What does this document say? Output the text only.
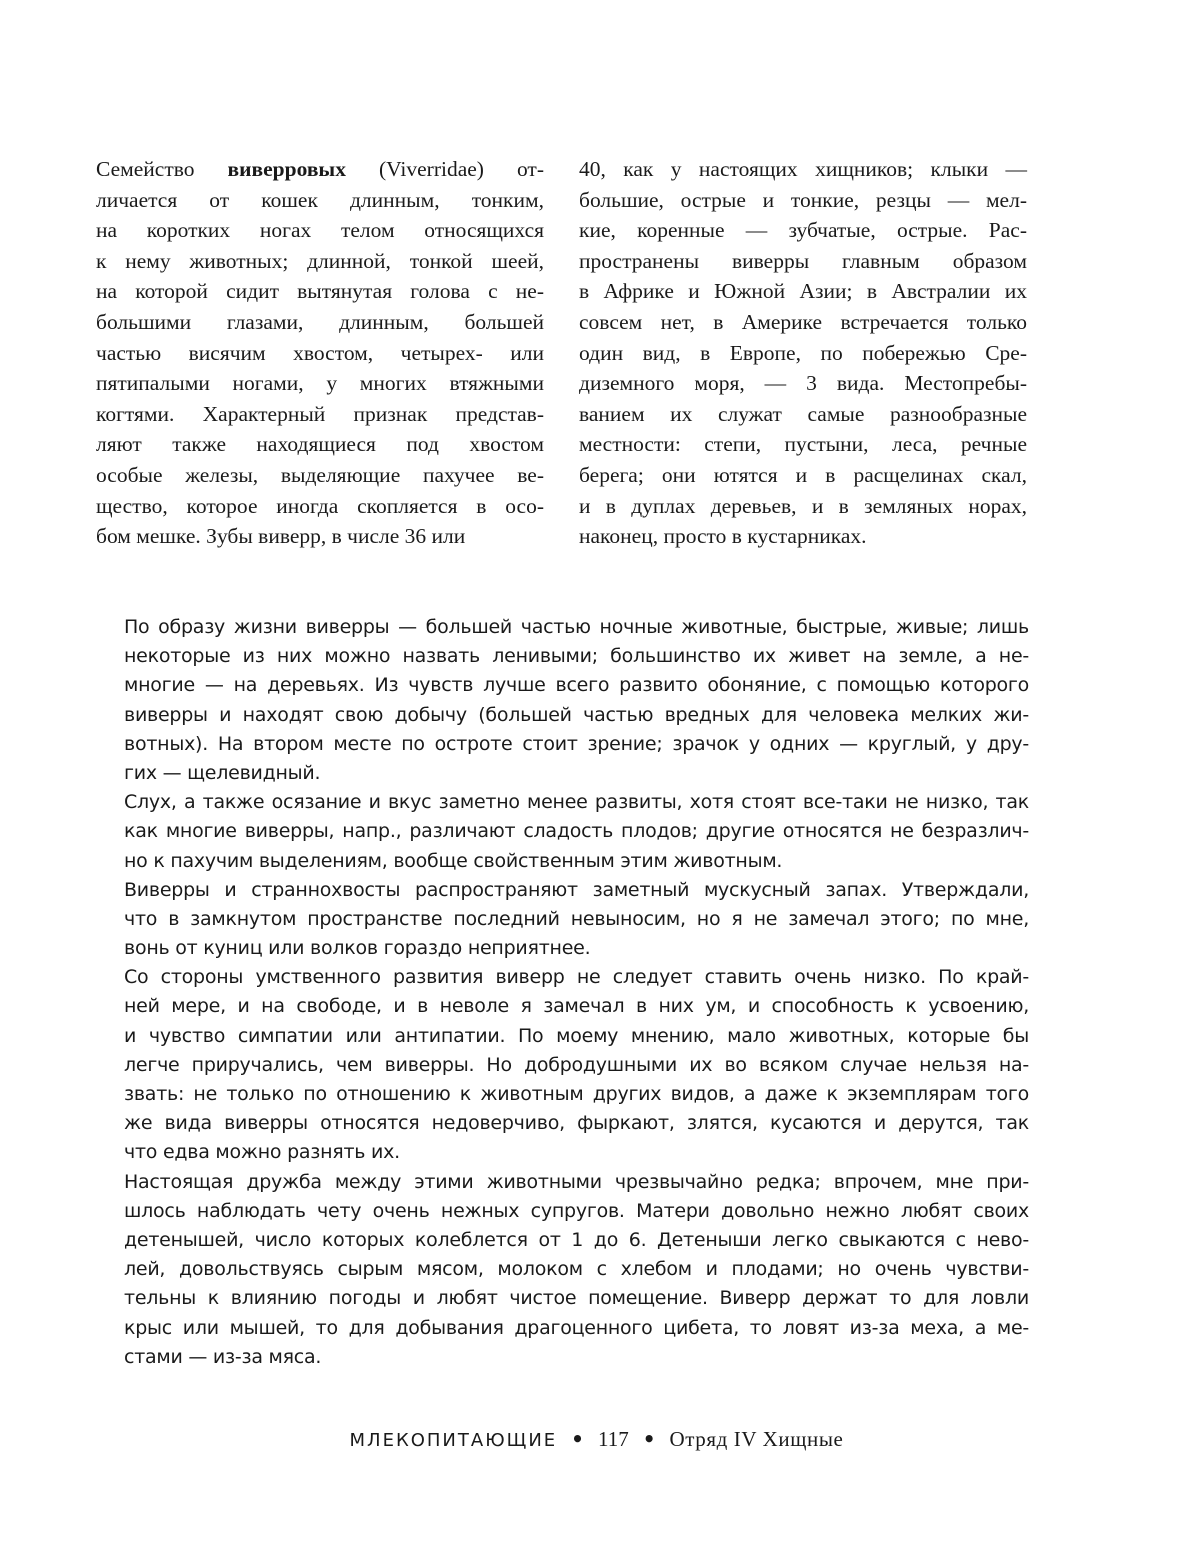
Семейство виверровых (Viverridae) от-
личается от кошек длинным, тонким,
на коротких ногах телом относящихся
к нему животных; длинной, тонкой шеей,
на которой сидит вытянутая голова с не-
большими глазами, длинным, большей
частью висячим хвостом, четырех- или
пятипалыми ногами, у многих втяжными
когтями. Характерный признак представ-
ляют также находящиеся под хвостом
особые железы, выделяющие пахучее ве-
щество, которое иногда скопляется в осо-
бом мешке. Зубы виверр, в числе 36 или
40, как у настоящих хищников; клыки —
большие, острые и тонкие, резцы — мел-
кие, коренные — зубчатые, острые. Рас-
пространены виверры главным образом
в Африке и Южной Азии; в Австралии их
совсем нет, в Америке встречается только
один вид, в Европе, по побережью Сре-
диземного моря, — 3 вида. Местопребы-
ванием их служат самые разнообразные
местности: степи, пустыни, леса, речные
берега; они ютятся и в расщелинах скал,
и в дуплах деревьев, и в земляных норах,
наконец, просто в кустарниках.
По образу жизни виверры — большей частью ночные животные, быстрые, живые; лишь
некоторые из них можно назвать ленивыми; большинство их живет на земле, а не-
многие — на деревьях. Из чувств лучше всего развито обоняние, с помощью которого
виверры и находят свою добычу (большей частью вредных для человека мелких жи-
вотных). На втором месте по остроте стоит зрение; зрачок у одних — круглый, у дру-
гих — щелевидный.
Слух, а также осязание и вкус заметно менее развиты, хотя стоят все-таки не низко, так
как многие виверры, напр., различают сладость плодов; другие относятся не безразлич-
но к пахучим выделениям, вообще свойственным этим животным.
Виверры и страннохвосты распространяют заметный мускусный запах. Утверждали,
что в замкнутом пространстве последний невыносим, но я не замечал этого; по мне,
вонь от куниц или волков гораздо неприятнее.
Со стороны умственного развития виверр не следует ставить очень низко. По край-
ней мере, и на свободе, и в неволе я замечал в них ум, и способность к усвоению,
и чувство симпатии или антипатии. По моему мнению, мало животных, которые бы
легче приручались, чем виверры. Но добродушными их во всяком случае нельзя на-
звать: не только по отношению к животным других видов, а даже к экземплярам того
же вида виверры относятся недоверчиво, фыркают, злятся, кусаются и дерутся, так
что едва можно разнять их.
Настоящая дружба между этими животными чрезвычайно редка; впрочем, мне при-
шлось наблюдать чету очень нежных супругов. Матери довольно нежно любят своих
детенышей, число которых колеблется от 1 до 6. Детеныши легко свыкаются с нево-
лей, довольствуясь сырым мясом, молоком с хлебом и плодами; но очень чувстви-
тельны к влиянию погоды и любят чистое помещение. Виверр держат то для ловли
крыс или мышей, то для добывания драгоценного цибета, то ловят из-за меха, а ме-
стами — из-за мяса.
МЛЕКОПИТАЮЩИЕ • 117 • Отряд IV Хищные
